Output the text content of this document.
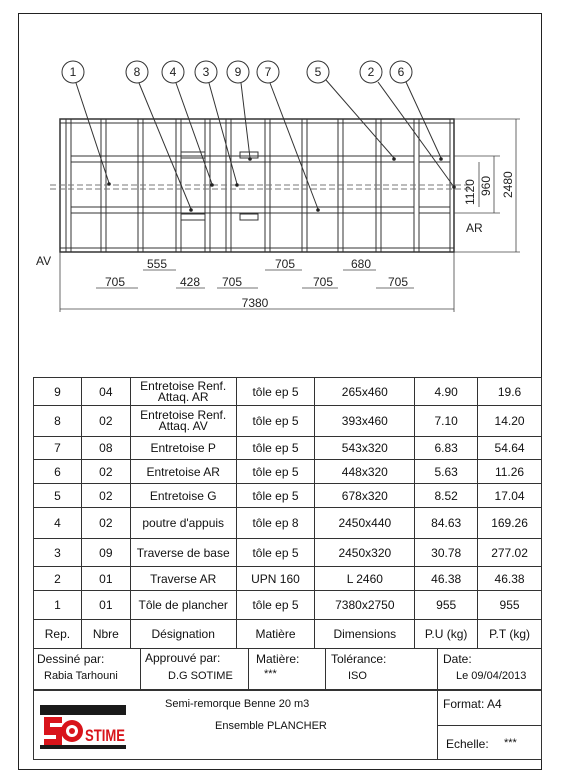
1	8 4 3 9 7	5	2 6
1120 960 2480
AR
AV
705
555
428 705
705
705
680
705
7380
9	04	Entretoise Renf. Attaq. AR	tôle ep 5	265x460	4.90	19.6
8	02	Entretoise Renf. Attaq. AV	tôle ep 5	393x460	7.10	14.20
7	08	Entretoise P	tôle ep 5	543x320	6.83	54.64
6	02	Entretoise AR	tôle ep 5	448x320	5.63	11.26
5	02	Entretoise G	tôle ep 5	678x320	8.52	17.04
4	02	poutre d'appuis	tôle ep 8	2450x440	84.63	169.26
3	09	Traverse de base	tôle ep 5	2450x320	30.78	277.02
2	01	Traverse AR	UPN 160	L 2460	46.38	46.38
1	01	Tôle de plancher	tôle ep 5	7380x2750	955	955
Rep.	Nbre	Désignation	Matière	Dimensions	P.U (kg)	P.T (kg)
Dessiné par:
Rabia Tarhouni
Approuvé par:
D.G SOTIME
Matière:
***
Tolérance:
ISO
Date:
Le 09/04/2013
Semi-remorque Benne 20 m3
Ensemble PLANCHER
Format: A4
Echelle: ***
STIME
